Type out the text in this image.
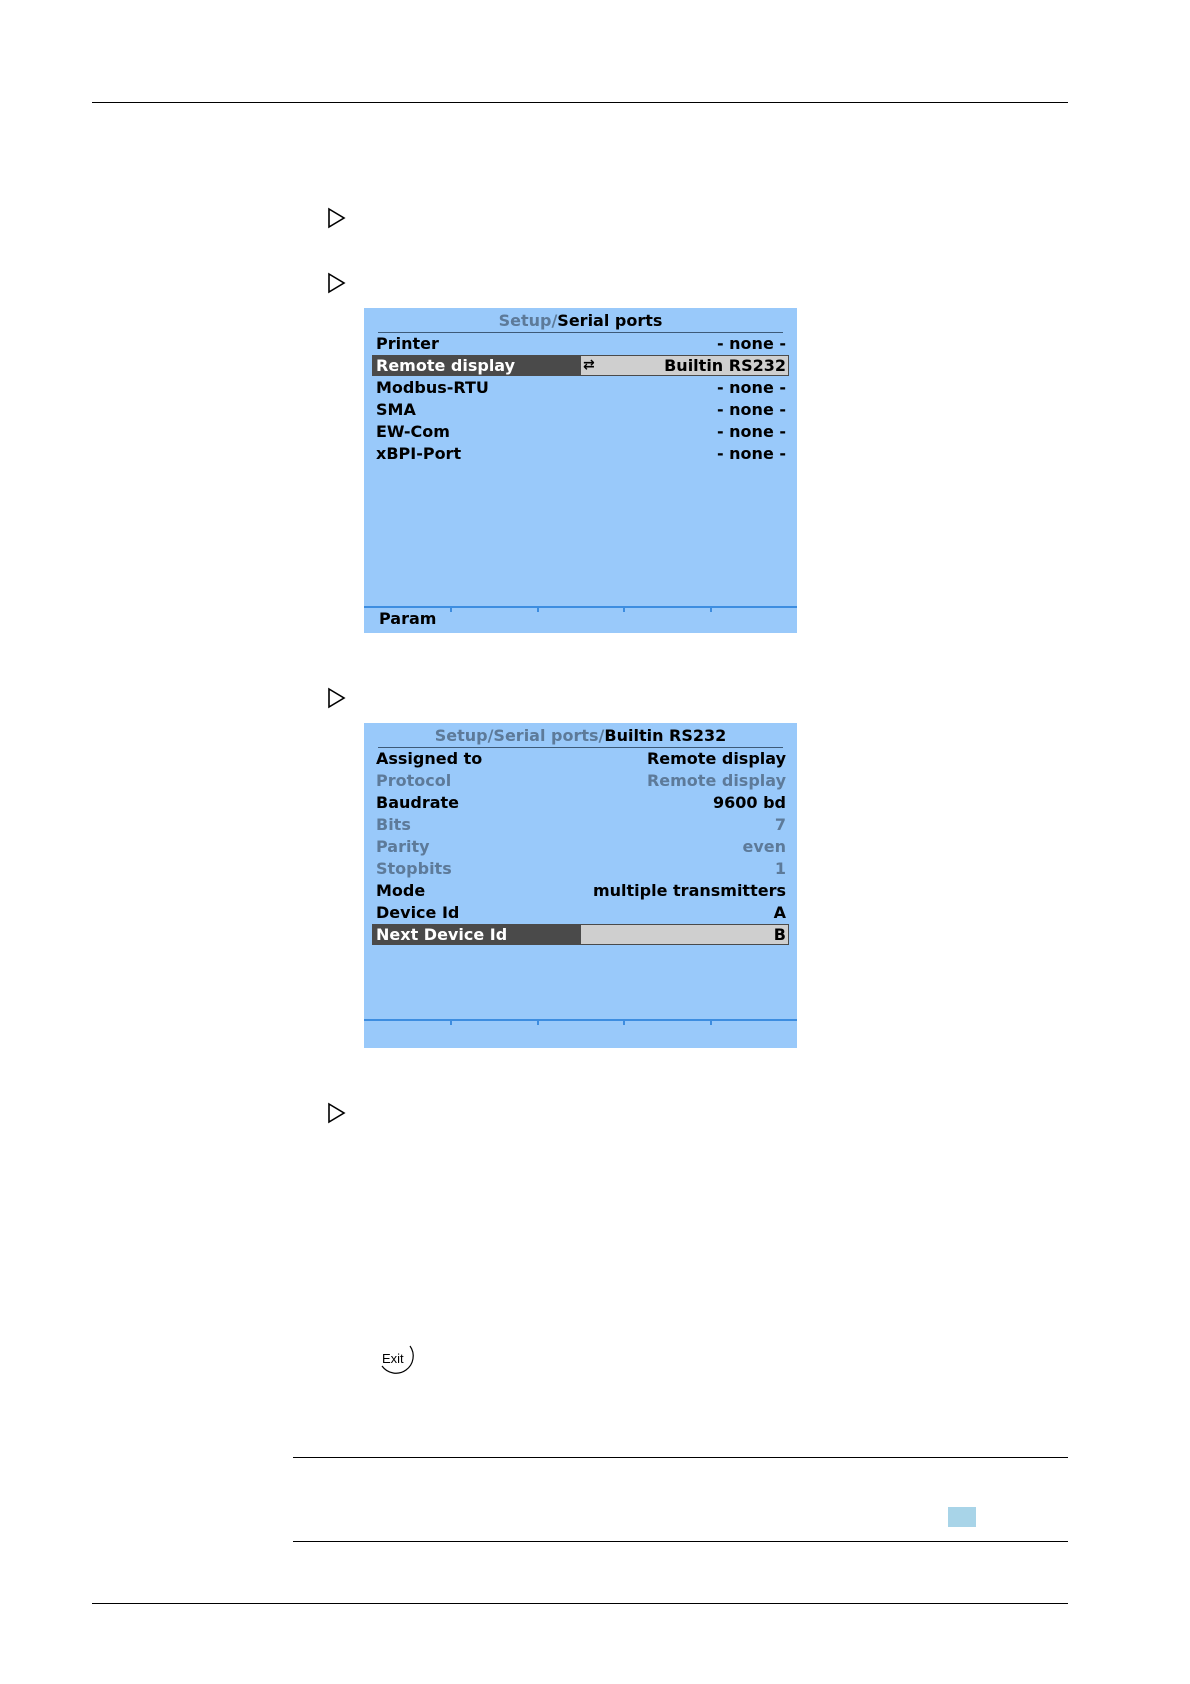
Setup/Serial ports
Printer	- none -
Remote display	⇄	Builtin RS232
Modbus-RTU	- none -
SMA	- none -
EW-Com	- none -
xBPI-Port	- none -
Param
Setup/Serial ports/Builtin RS232
Assigned to	Remote display
Protocol	Remote display
Baudrate	9600 bd
Bits	7
Parity	even
Stopbits	1
Mode	multiple transmitters
Device Id	A
Next Device Id	B
Exit
